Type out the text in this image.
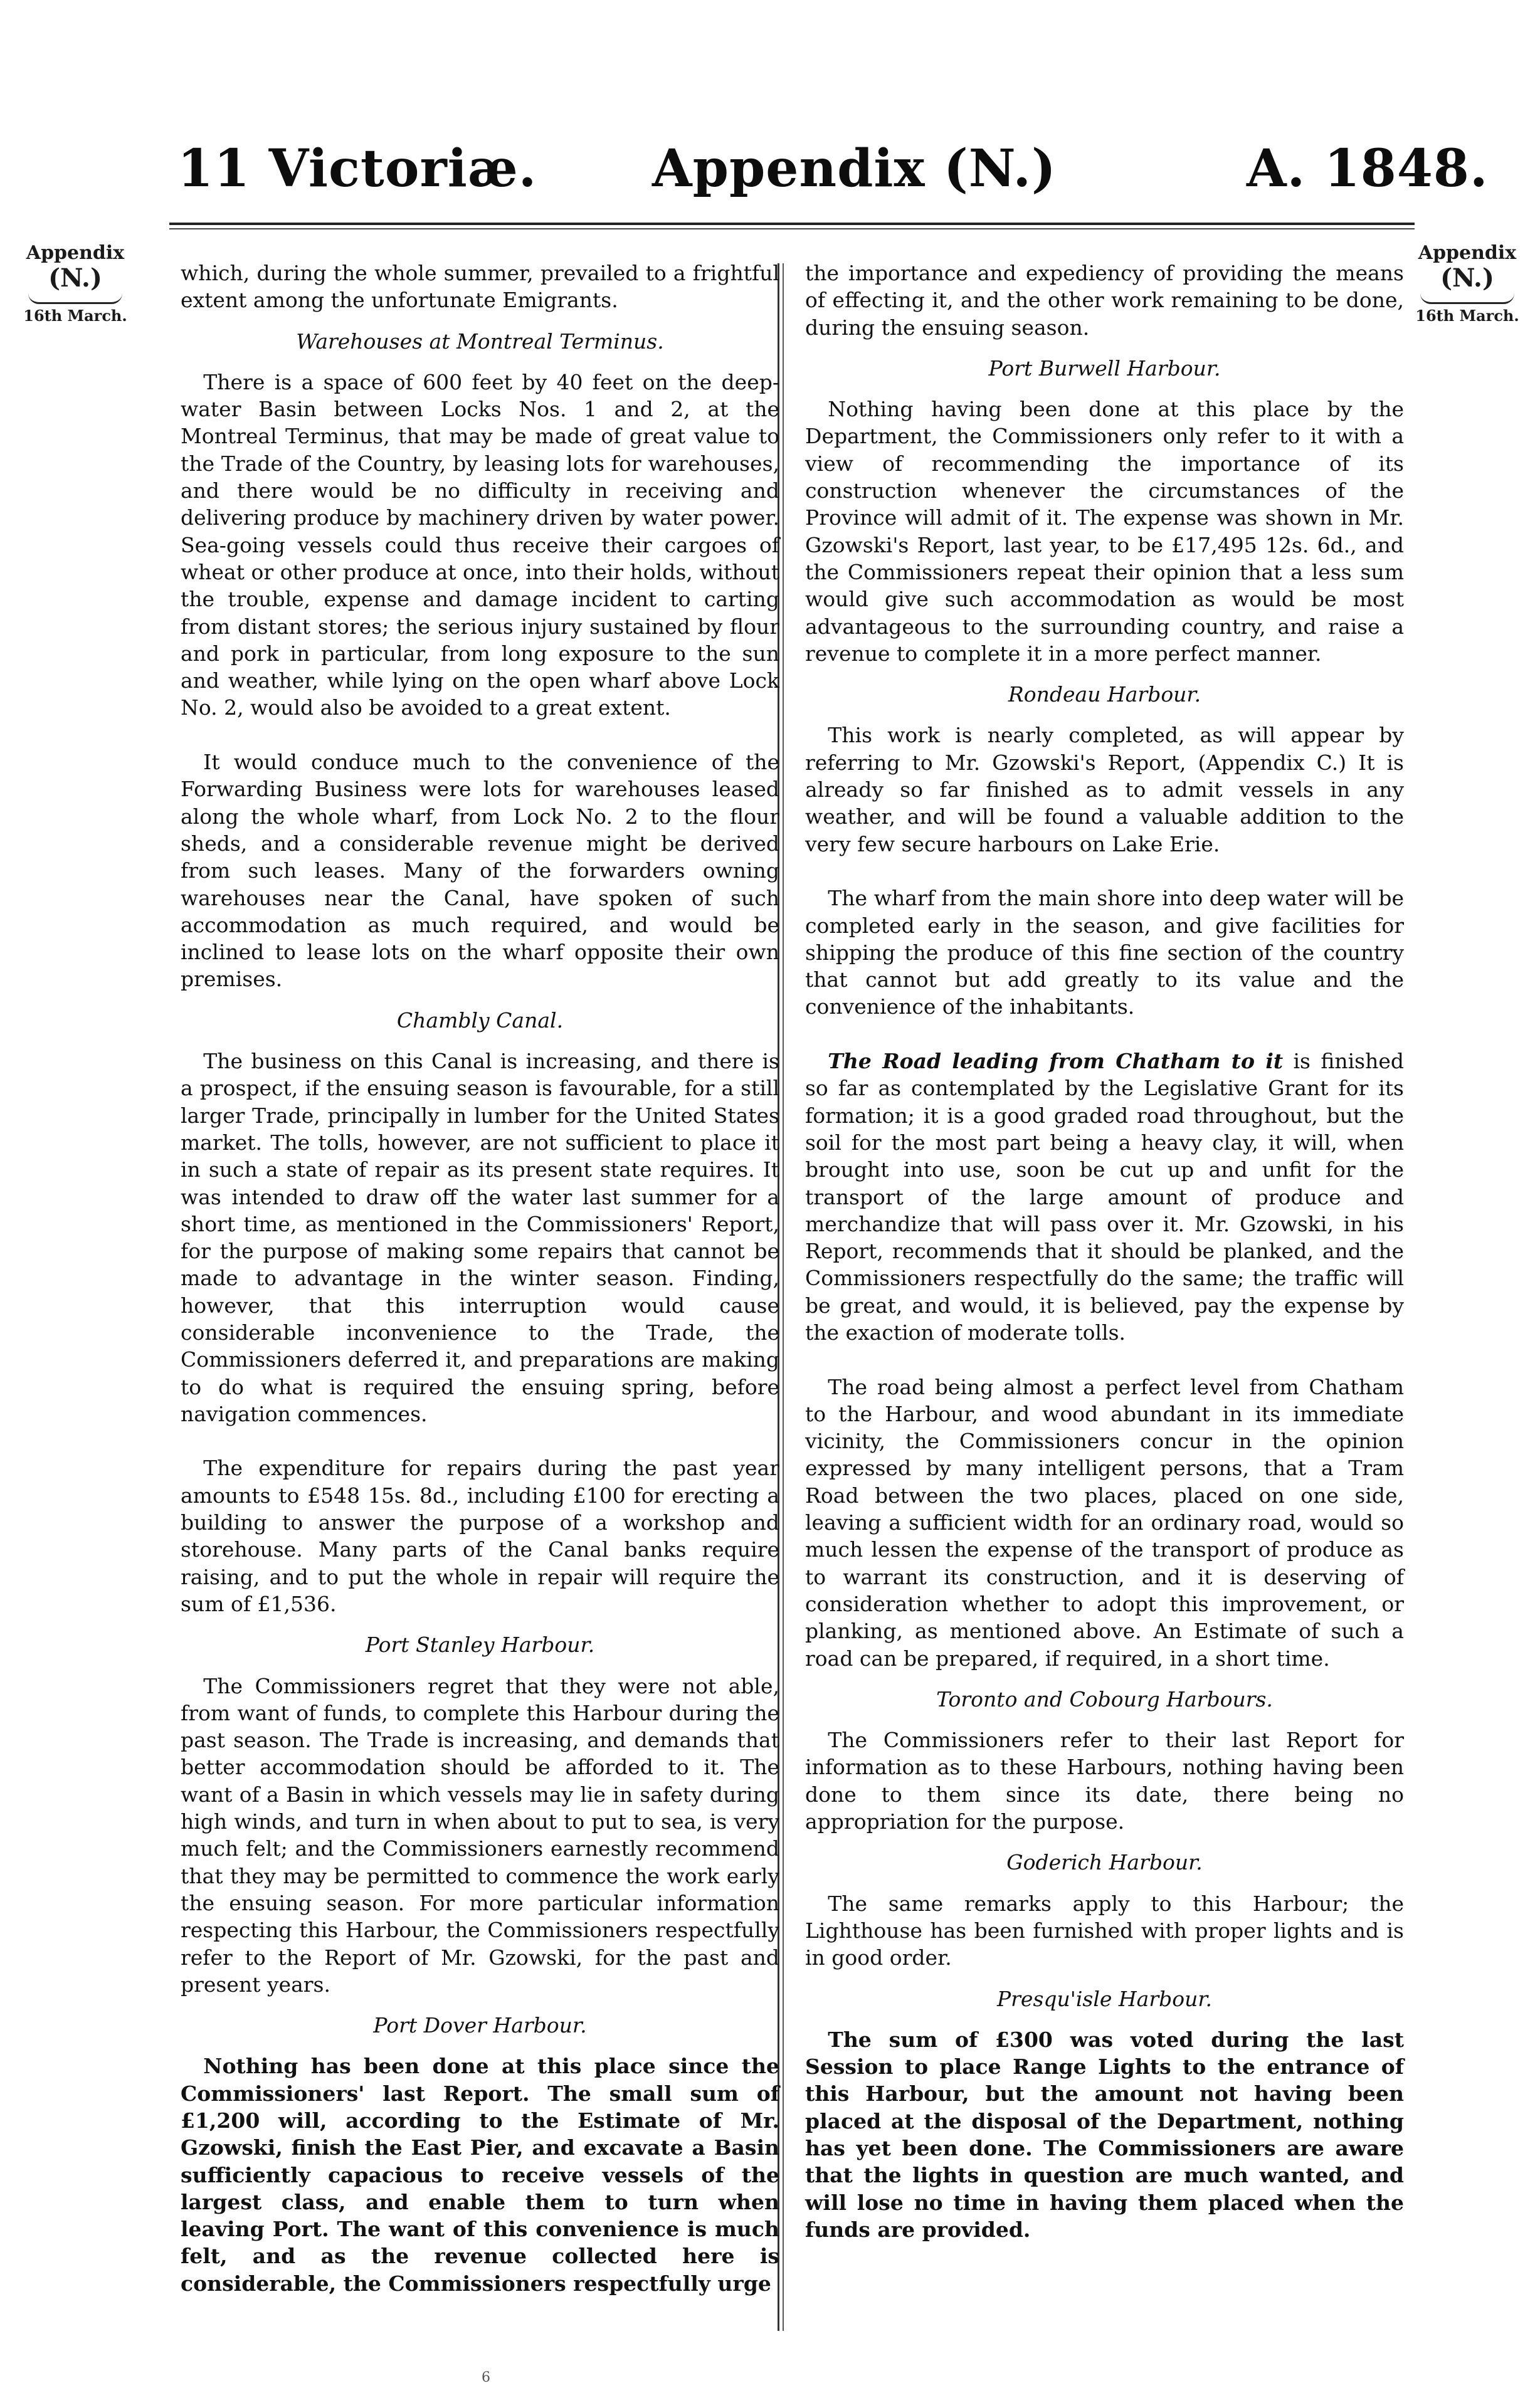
11 Victoriæ. Appendix (N.)	A. 1848.
Appendix
(N.)
16th March.
Appendix
(N.)
16th March.

which, during the whole summer, prevailed to a frightful extent among the unfortunate Emigrants.

Warehouses at Montreal Terminus.

There is a space of 600 feet by 40 feet on the deep-water Basin between Locks Nos. 1 and 2, at the Montreal Terminus, that may be made of great value to the Trade of the Country, by leasing lots for warehouses, and there would be no difficulty in receiving and delivering produce by machinery driven by water power. Sea-going vessels could thus receive their cargoes of wheat or other produce at once, into their holds, without the trouble, expense and damage incident to carting from distant stores; the serious injury sustained by flour and pork in particular, from long exposure to the sun and weather, while lying on the open wharf above Lock No. 2, would also be avoided to a great extent.

It would conduce much to the convenience of the Forwarding Business were lots for warehouses leased along the whole wharf, from Lock No. 2 to the flour sheds, and a considerable revenue might be derived from such leases. Many of the forwarders owning warehouses near the Canal, have spoken of such accommodation as much required, and would be inclined to lease lots on the wharf opposite their own premises.

Chambly Canal.

The business on this Canal is increasing, and there is a prospect, if the ensuing season is favourable, for a still larger Trade, principally in lumber for the United States market. The tolls, however, are not sufficient to place it in such a state of repair as its present state requires. It was intended to draw off the water last summer for a short time, as mentioned in the Commissioners' Report, for the purpose of making some repairs that cannot be made to advantage in the winter season. Finding, however, that this interruption would cause considerable inconvenience to the Trade, the Commissioners deferred it, and preparations are making to do what is required the ensuing spring, before navigation commences.

The expenditure for repairs during the past year amounts to £548 15s. 8d., including £100 for erecting a building to answer the purpose of a workshop and storehouse. Many parts of the Canal banks require raising, and to put the whole in repair will require the sum of £1,536.

Port Stanley Harbour.

The Commissioners regret that they were not able, from want of funds, to complete this Harbour during the past season. The Trade is increasing, and demands that better accommodation should be afforded to it. The want of a Basin in which vessels may lie in safety during high winds, and turn in when about to put to sea, is very much felt; and the Commissioners earnestly recommend that they may be permitted to commence the work early the ensuing season. For more particular information respecting this Harbour, the Commissioners respectfully refer to the Report of Mr. Gzowski, for the past and present years.

Port Dover Harbour.

Nothing has been done at this place since the Commissioners' last Report. The small sum of £1,200 will, according to the Estimate of Mr. Gzowski, finish the East Pier, and excavate a Basin sufficiently capacious to receive vessels of the largest class, and enable them to turn when leaving Port. The want of this convenience is much felt, and as the revenue collected here is considerable, the Commissioners respectfully urge

the importance and expediency of providing the means of effecting it, and the other work remaining to be done, during the ensuing season.

Port Burwell Harbour.

Nothing having been done at this place by the Department, the Commissioners only refer to it with a view of recommending the importance of its construction whenever the circumstances of the Province will admit of it. The expense was shown in Mr. Gzowski's Report, last year, to be £17,495 12s. 6d., and the Commissioners repeat their opinion that a less sum would give such accommodation as would be most advantageous to the surrounding country, and raise a revenue to complete it in a more perfect manner.

Rondeau Harbour.

This work is nearly completed, as will appear by referring to Mr. Gzowski's Report, (Appendix C.) It is already so far finished as to admit vessels in any weather, and will be found a valuable addition to the very few secure harbours on Lake Erie.

The wharf from the main shore into deep water will be completed early in the season, and give facilities for shipping the produce of this fine section of the country that cannot but add greatly to its value and the convenience of the inhabitants.

The Road leading from Chatham to it is finished so far as contemplated by the Legislative Grant for its formation; it is a good graded road throughout, but the soil for the most part being a heavy clay, it will, when brought into use, soon be cut up and unfit for the transport of the large amount of produce and merchandize that will pass over it. Mr. Gzowski, in his Report, recommends that it should be planked, and the Commissioners respectfully do the same; the traffic will be great, and would, it is believed, pay the expense by the exaction of moderate tolls.

The road being almost a perfect level from Chatham to the Harbour, and wood abundant in its immediate vicinity, the Commissioners concur in the opinion expressed by many intelligent persons, that a Tram Road between the two places, placed on one side, leaving a sufficient width for an ordinary road, would so much lessen the expense of the transport of produce as to warrant its construction, and it is deserving of consideration whether to adopt this improvement, or planking, as mentioned above. An Estimate of such a road can be prepared, if required, in a short time.

Toronto and Cobourg Harbours.

The Commissioners refer to their last Report for information as to these Harbours, nothing having been done to them since its date, there being no appropriation for the purpose.

Goderich Harbour.

The same remarks apply to this Harbour; the Lighthouse has been furnished with proper lights and is in good order.

Presqu'isle Harbour.

The sum of £300 was voted during the last Session to place Range Lights to the entrance of this Harbour, but the amount not having been placed at the disposal of the Department, nothing has yet been done. The Commissioners are aware that the lights in question are much wanted, and will lose no time in having them placed when the funds are provided.

6
